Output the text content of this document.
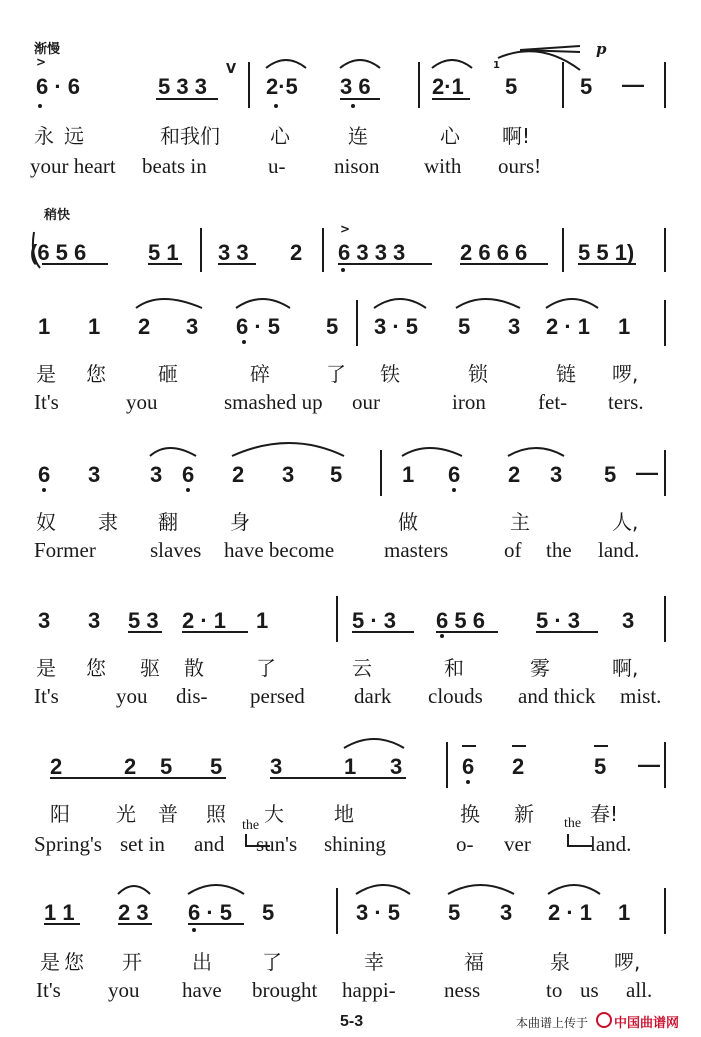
渐慢
>
6 · 6	5 3 3
V
2·5 3 6	2·1
1
5	5 —
p
永 远	和我们	心	连	心 啊!
your heart beats in	u- nison with ours!
稍快
(6 5 6	5 1 3 3 2
>
6 3 3 3 2 6 6 6 5 5 1)
1 1 2 3 6 · 5 5 3 · 5 5 3 2 · 1 1
是 您	砸	碎	了 铁	锁	链 啰,
It's	you	smashed up our	iron fet- ters.
6 3 3 6 2 3 5	1 6 2 3 5 —
奴 隶 翻	身	做	主	人,
Former	slaves have become masters	of the land.
3 3 5 3 2 · 1 1	5 · 3 6 5 6 5 · 3 3
是 您 驱 散	了	云	和	雾	啊,
It's	you dis- persed dark clouds and thick mist.
2	2 5 5 3	1 3	6 2	5 —
阳 光 普 照 大	地	换 新	春!
Spring's set in and
the
sun's shining	o- ver
the
land.
1 1 2 3 6 · 5 5	3 · 5 5 3 2 · 1 1
是 您 开	出	了	幸	福	泉 啰,
It's you have brought happi- ness	to us all.
5-3	本曲谱上传于 中国曲谱网
